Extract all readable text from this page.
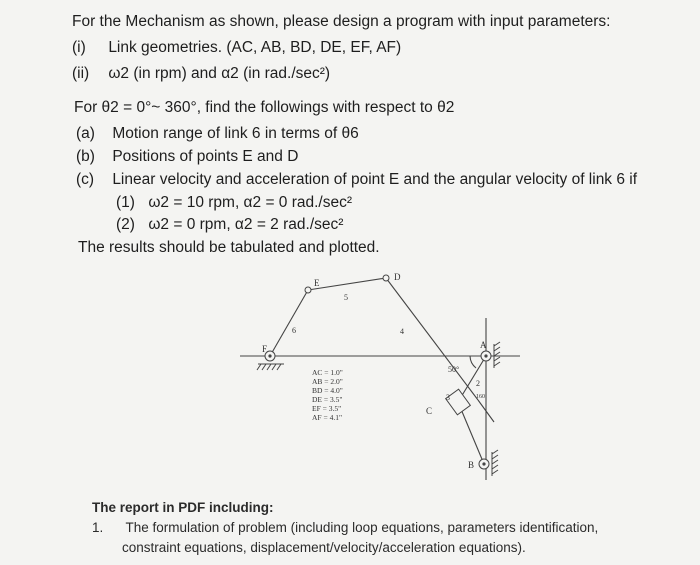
For the Mechanism as shown, please design a program with input parameters:
(i) Link geometries. (AC, AB, BD, DE, EF, AF)
(ii) ω2 (in rpm) and α2 (in rad./sec²)
For θ2 = 0°~ 360°, find the followings with respect to θ2
(a) Motion range of link 6 in terms of θ6
(b) Positions of points E and D
(c) Linear velocity and acceleration of point E and the angular velocity of link 6 if
(1) ω2 = 10 rpm, α2 = 0 rad./sec²
(2) ω2 = 0 rpm, α2 = 2 rad./sec²
The results should be tabulated and plotted.
E
D
F	A
B
C
5
6	4
2
3
50°
160
AC = 1.0"
AB = 2.0"
BD = 4.0"
DE = 3.5"
EF = 3.5"
AF = 4.1"
The report in PDF including:
1. The formulation of problem (including loop equations, parameters identification,
constraint equations, displacement/velocity/acceleration equations).
